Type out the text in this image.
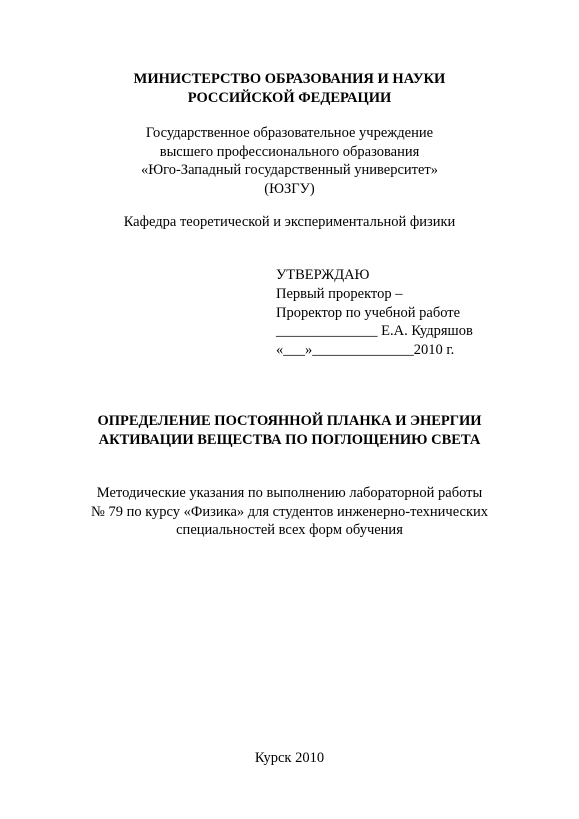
МИНИСТЕРСТВО ОБРАЗОВАНИЯ И НАУКИ
РОССИЙСКОЙ ФЕДЕРАЦИИ
Государственное образовательное учреждение
высшего профессионального образования
«Юго-Западный государственный университет»
(ЮЗГУ)
Кафедра теоретической и экспериментальной физики
УТВЕРЖДАЮ
Первый проректор –
Проректор по учебной работе
______________ Е.А. Кудряшов
«___»______________2010 г.
ОПРЕДЕЛЕНИЕ ПОСТОЯННОЙ ПЛАНКА И ЭНЕРГИИ
АКТИВАЦИИ ВЕЩЕСТВА ПО ПОГЛОЩЕНИЮ СВЕТА
Методические указания по выполнению лабораторной работы
№ 79 по курсу «Физика» для студентов инженерно-технических
специальностей всех форм обучения
Курск 2010
